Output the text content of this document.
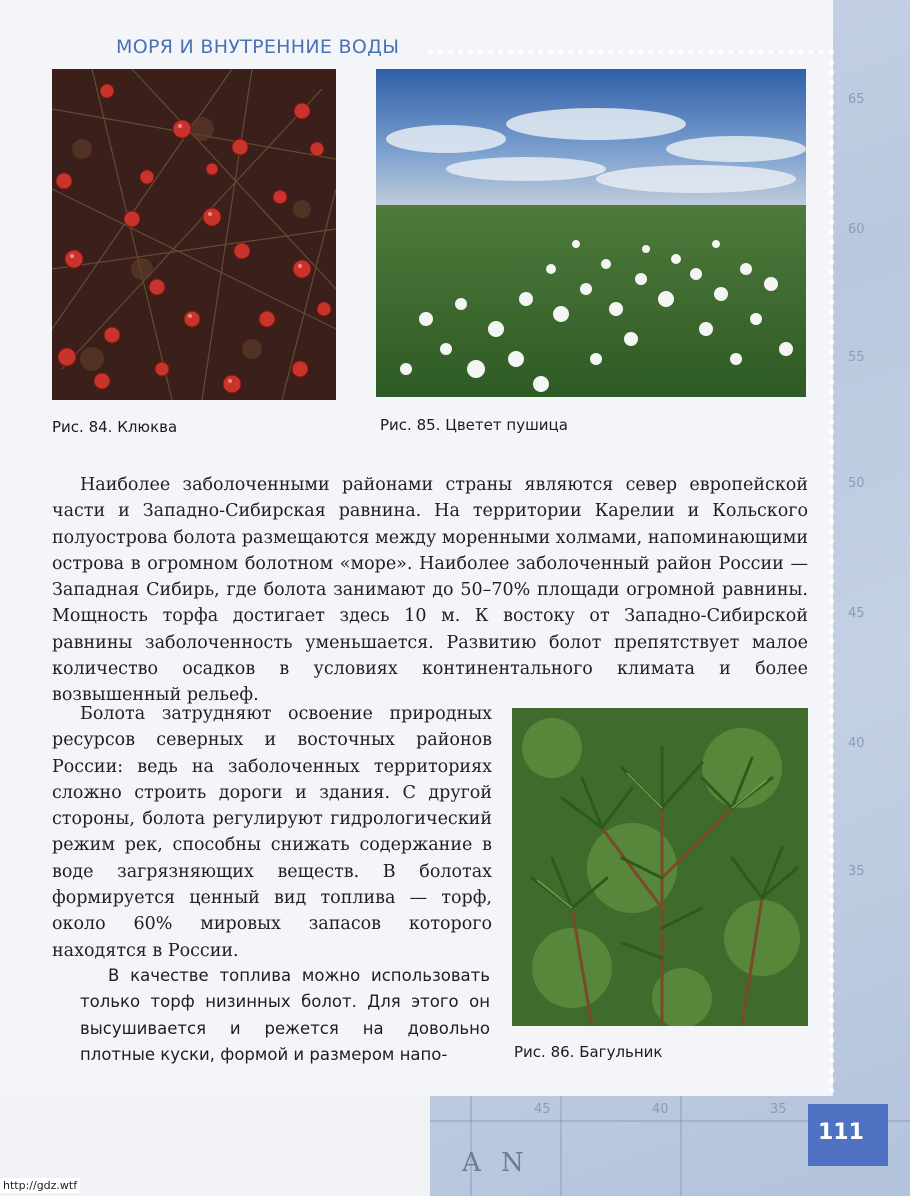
65
60
55
50
45
40
35
45	40	35
A N
МОРЯ И ВНУТРЕННИЕ ВОДЫ
Рис. 84. Клюква	Рис. 85. Цветет пушица

Наиболее заболоченными районами страны являются север европейской части и Западно-Сибирская равнина. На территории Карелии и Кольского полуострова болота размещаются между моренными холмами, напоминающими острова в огромном болотном «море». Наиболее заболоченный район России — Западная Сибирь, где болота занимают до 50–70% площади огромной равнины. Мощность торфа достигает здесь 10 м. К востоку от Западно-Сибирской равнины заболоченность уменьшается. Развитию болот препятствует малое количество осадков в условиях континентального климата и более возвышенный рельеф.

Болота затрудняют освоение природных ресурсов северных и восточных районов России: ведь на заболоченных территориях сложно строить дороги и здания. С другой стороны, болота регулируют гидрологический режим рек, способны снижать содержание в воде загрязняющих веществ. В болотах формируется ценный вид топлива — торф, около 60% мировых запасов которого находятся в России.

В качестве топлива можно использовать только торф низинных болот. Для этого он высушивается и режется на довольно плотные куски, формой и размером напо-	Рис. 86. Багульник
111
http://gdz.wtf
